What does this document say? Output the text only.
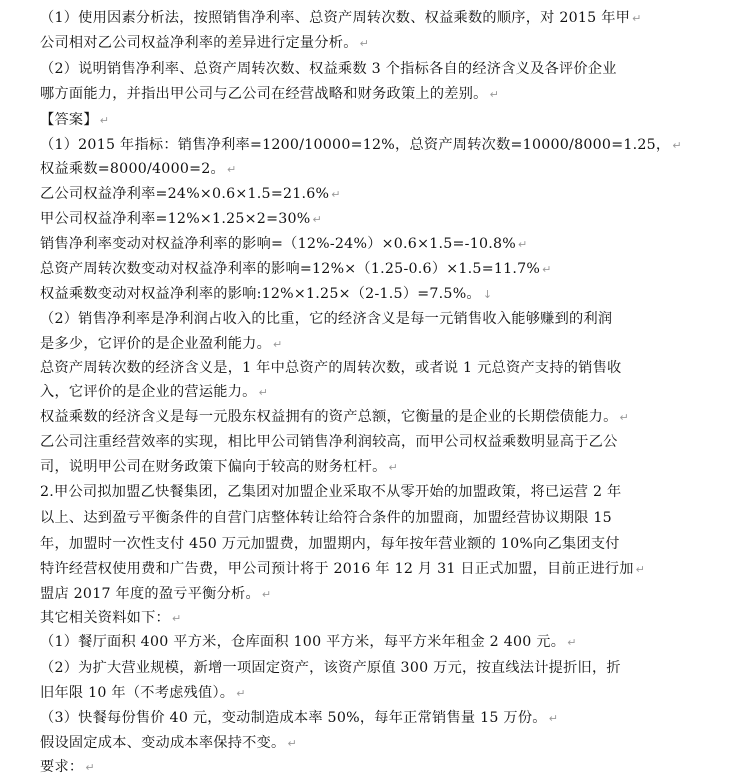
（1）使用因素分析法，按照销售净利率、总资产周转次数、权益乘数的顺序，对 2015 年甲 ↵
公司相对乙公司权益净利率的差异进行定量分析。 ↵
（2）说明销售净利率、总资产周转次数、权益乘数 3 个指标各自的经济含义及各评价企业
哪方面能力，并指出甲公司与乙公司在经营战略和财务政策上的差别。 ↵
【答案】 ↵
（1）2015 年指标：销售净利率=1200/10000=12%，总资产周转次数=10000/8000=1.25， ↵
权益乘数=8000/4000=2。 ↵
乙公司权益净利率=24%×0.6×1.5=21.6% ↵
甲公司权益净利率=12%×1.25×2=30% ↵
销售净利率变动对权益净利率的影响=（12%-24%）×0.6×1.5=-10.8% ↵
总资产周转次数变动对权益净利率的影响=12%×（1.25-0.6）×1.5=11.7% ↵
权益乘数变动对权益净利率的影响:12%×1.25×（2-1.5）=7.5%。 ↓
（2）销售净利率是净利润占收入的比重，它的经济含义是每一元销售收入能够赚到的利润
是多少，它评价的是企业盈利能力。 ↵
总资产周转次数的经济含义是，1 年中总资产的周转次数，或者说 1 元总资产支持的销售收
入，它评价的是企业的营运能力。 ↵
权益乘数的经济含义是每一元股东权益拥有的资产总额，它衡量的是企业的长期偿债能力。 ↵
乙公司注重经营效率的实现，相比甲公司销售净利润较高，而甲公司权益乘数明显高于乙公
司，说明甲公司在财务政策下偏向于较高的财务杠杆。 ↵
2.甲公司拟加盟乙快餐集团，乙集团对加盟企业采取不从零开始的加盟政策，将已运营 2 年
以上、达到盈亏平衡条件的自营门店整体转让给符合条件的加盟商，加盟经营协议期限 15
年，加盟时一次性支付 450 万元加盟费，加盟期内，每年按年营业额的 10%向乙集团支付
特许经营权使用费和广告费，甲公司预计将于 2016 年 12 月 31 日正式加盟，目前正进行加 ↵
盟店 2017 年度的盈亏平衡分析。 ↵
其它相关资料如下： ↵
（1）餐厅面积 400 平方米，仓库面积 100 平方米，每平方米年租金 2 400 元。 ↵
（2）为扩大营业规模，新增一项固定资产，该资产原值 300 万元，按直线法计提折旧，折
旧年限 10 年（不考虑残值）。 ↵
（3）快餐每份售价 40 元，变动制造成本率 50%，每年正常销售量 15 万份。 ↵
假设固定成本、变动成本率保持不变。 ↵
要求： ↵
